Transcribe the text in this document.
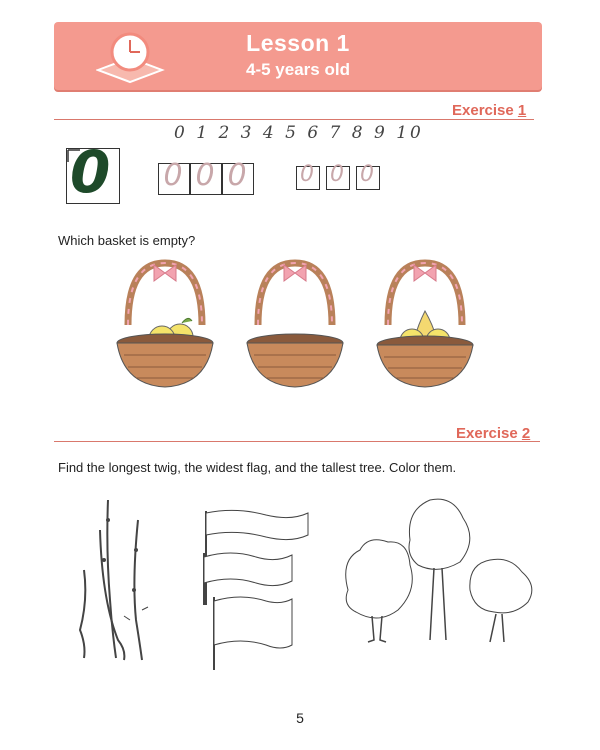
Lesson 1
4-5 years old
Exercise 1
0 1 2 3 4 5 6 7 8 9 10
0 0 0 0 0 0 0
Which basket is empty?
Exercise 2
Find the longest twig, the widest flag, and the tallest tree. Color them.
5
